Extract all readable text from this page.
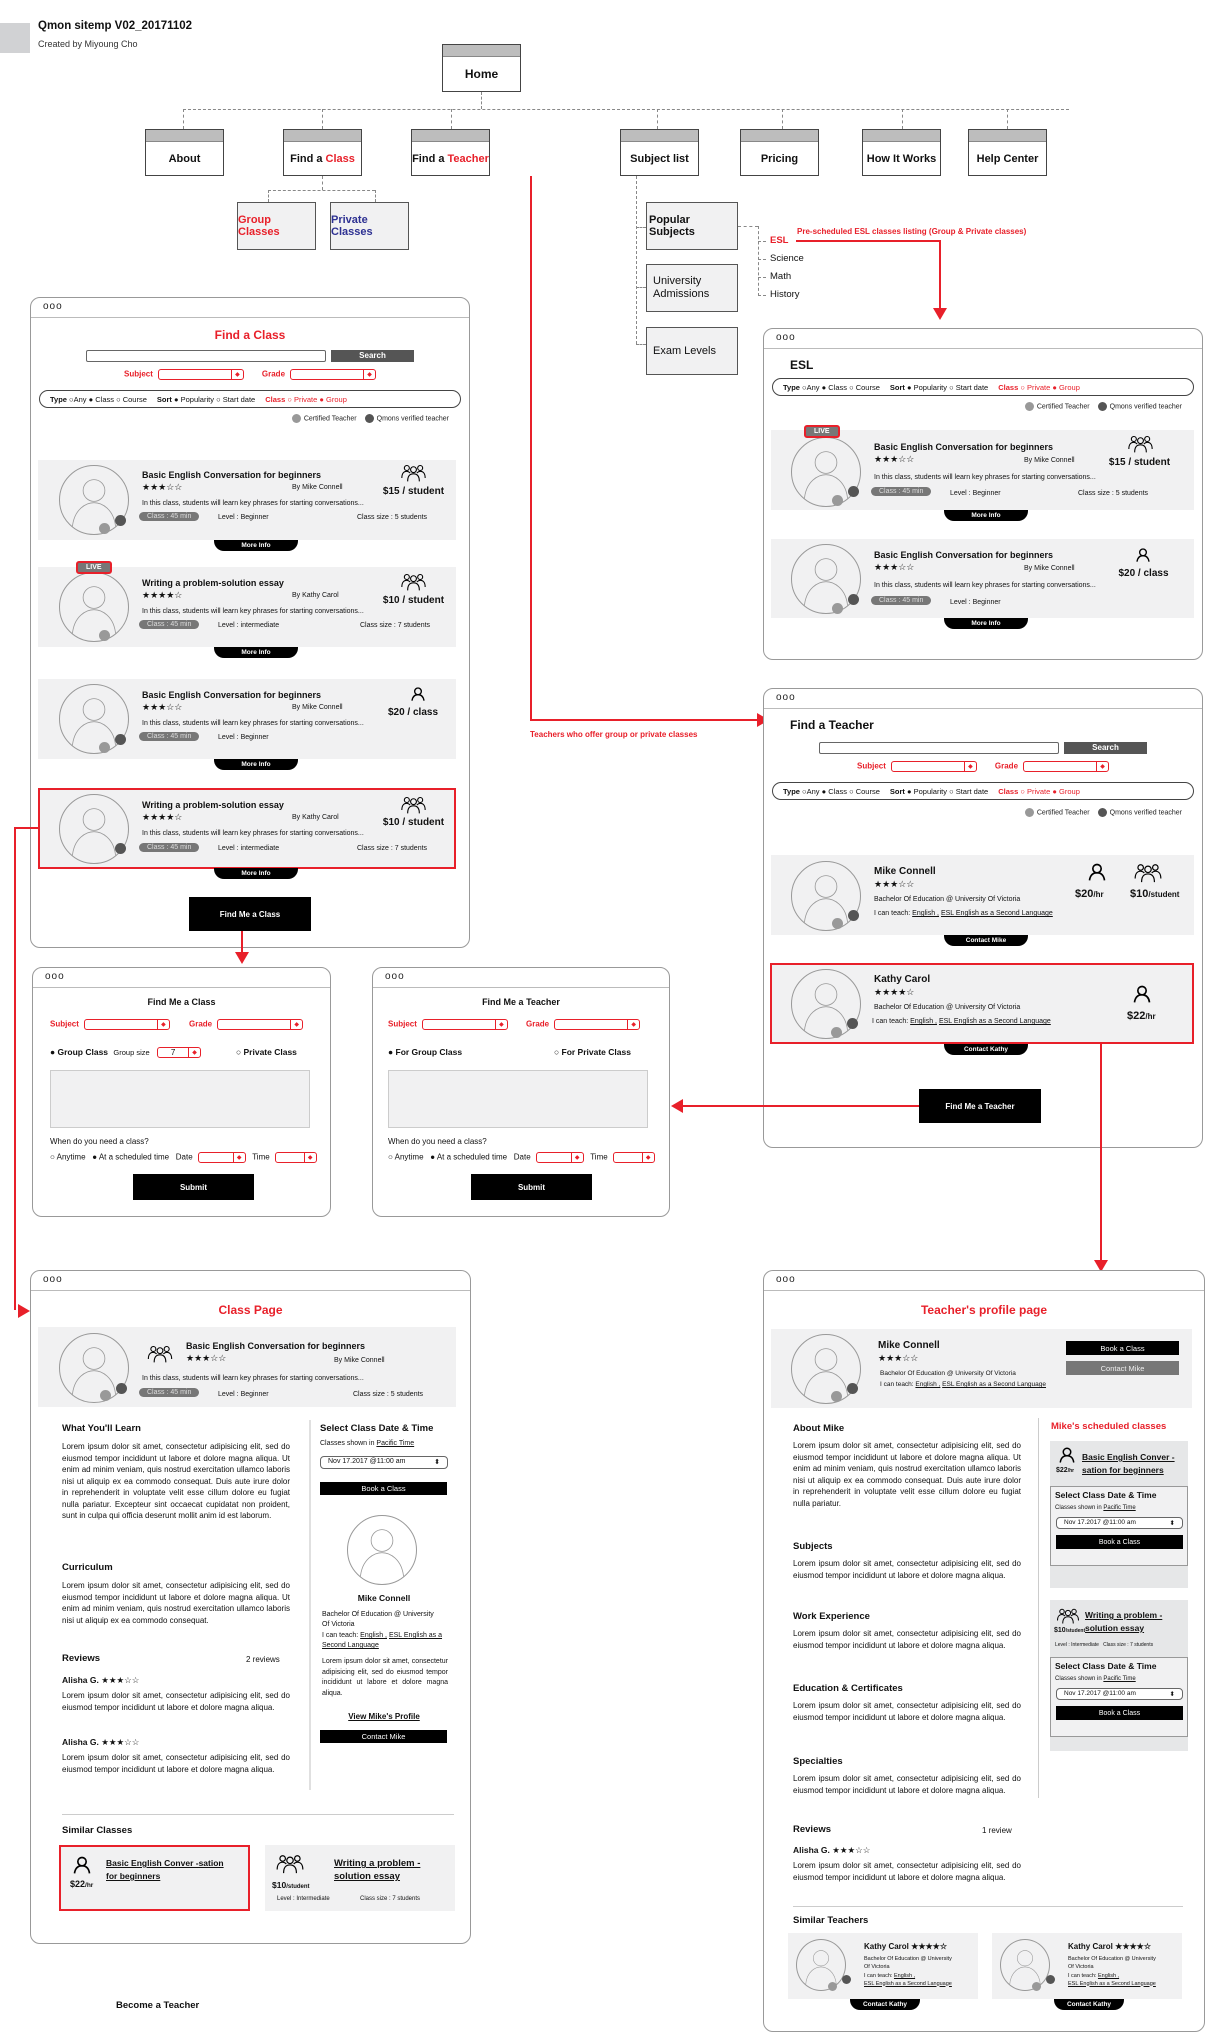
Qmon sitemp V02_20171102
Created by Miyoung Cho
Home
About	Find a
Class	Find a
Teacher	Subject list	Pricing	How It Works	Help Center
Group Classes
Private Classes
Popular Subjects
University Admissions
Exam Levels
ESL
Science
Math
History
Pre-scheduled ESL classes listing (Group & Private classes)
Teachers who offer group or private classes
ooo
Find a Class
Search
Subject	◆	Grade	◆
Type ○Any ● Class ○ Course Sort ● Popularity ○ Start date Class ○ Private ● Group
Certified Teacher	Qmons verified teacher
Basic English Conversation for beginners
★★★☆☆	By Mike Connell	$15 / student
In this class, students will learn key phrases for starting conversations...
Class : 45 min	Level : Beginner	Class size : 5 students
More Info
LIVE
Writing a problem-solution essay
★★★★☆	By Kathy Carol	$10 / student
In this class, students will learn key phrases for starting conversations...
Class : 45 min	Level : intermediate	Class size : 7 students
More Info
Basic English Conversation for beginners
★★★☆☆	By Mike Connell	$20 / class
In this class, students will learn key phrases for starting conversations...
Class : 45 min	Level : Beginner
More Info
Writing a problem-solution essay
★★★★☆	By Kathy Carol	$10 / student
In this class, students will learn key phrases for starting conversations...
Class : 45 min	Level : intermediate	Class size : 7 students
More Info
Find Me a Class
ooo
ESL
Type ○Any ● Class ○ Course Sort ● Popularity ○ Start date Class ○ Private ● Group
Certified Teacher	Qmons verified teacher
LIVE
Basic English Conversation for beginners
★★★☆☆	By Mike Connell	$15 / student
In this class, students will learn key phrases for starting conversations...
Class : 45 min	Level : Beginner	Class size : 5 students
More Info
Basic English Conversation for beginners
★★★☆☆	By Mike Connell	$20 / class
In this class, students will learn key phrases for starting conversations...
Class : 45 min	Level : Beginner
More Info
ooo
Find a Teacher
Search
Subject	◆	Grade	◆
Type ○Any ● Class ○ Course Sort ● Popularity ○ Start date Class ○ Private ● Group
Certified Teacher	Qmons verified teacher
Mike Connell
★★★☆☆
Bachelor Of Education @ University Of Victoria
I can teach: English , ESL English as a Second Language
$20/hr $10/student
Contact Mike
Kathy Carol
★★★★☆
Bachelor Of Education @ University Of Victoria
I can teach: English , ESL English as a Second Language	$22/hr
Contact Kathy
Find Me a Teacher
ooo
Find Me a Class
Subject	◆	Grade	◆
● Group Class Group size	7	◆	○ Private Class
When do you need a class?
○ Anytime ● At a scheduled time Date	◆	Time	◆
Submit
ooo
Find Me a Teacher
Subject	◆	Grade	◆
● For Group Class	○ For Private Class
When do you need a class?
○ Anytime ● At a scheduled time Date	◆	Time	◆
Submit
ooo
Class Page
Basic English Conversation for beginners
★★★☆☆	By Mike Connell
In this class, students will learn key phrases for starting conversations...
Class : 45 min	Level : Beginner	Class size : 5 students
What You'll Learn
Lorem ipsum dolor sit amet, consectetur adipisicing elit, sed do eiusmod tempor incididunt ut labore et dolore magna aliqua. Ut enim ad minim veniam, quis nostrud exercitation ullamco laboris nisi ut aliquip ex ea commodo consequat. Duis aute irure dolor in reprehenderit in voluptate velit esse cillum dolore eu fugiat nulla pariatur. Excepteur sint occaecat cupidatat non proident, sunt in culpa qui officia deserunt mollit anim id est laborum.
Curriculum
Lorem ipsum dolor sit amet, consectetur adipisicing elit, sed do eiusmod tempor incididunt ut labore et dolore magna aliqua. Ut enim ad minim veniam, quis nostrud exercitation ullamco laboris nisi ut aliquip ex ea commodo consequat.
Reviews	2 reviews
Alisha G. ★★★☆☆
Lorem ipsum dolor sit amet, consectetur adipisicing elit, sed do eiusmod tempor incididunt ut labore et dolore magna aliqua.
Alisha G. ★★★☆☆
Lorem ipsum dolor sit amet, consectetur adipisicing elit, sed do eiusmod tempor incididunt ut labore et dolore magna aliqua.
Select Class Date & Time
Classes shown in Pacific Time
Nov 17.2017 @11:00 am	⬍
Book a Class
Mike Connell
Bachelor Of Education @ University Of Victoria
I can teach: English , ESL English as a Second Language
Lorem ipsum dolor sit amet, consectetur adipisicing elit, sed do eiusmod tempor incididunt ut labore et dolore magna aliqua.
View Mike's Profile
Contact Mike
Similar Classes
$22/hr
Basic English Conver -sation for beginners
$10/student
Writing a problem -solution essay
Level : Intermediate	Class size : 7 students
Become a Teacher
ooo
Teacher's profile page
Mike Connell
★★★☆☆
Bachelor Of Education @ University Of Victoria
I can teach: English , ESL English as a Second Language
Book a Class
Contact Mike
About Mike
Lorem ipsum dolor sit amet, consectetur adipisicing elit, sed do eiusmod tempor incididunt ut labore et dolore magna aliqua. Ut enim ad minim veniam, quis nostrud exercitation ullamco laboris nisi ut aliquip ex ea commodo consequat. Duis aute irure dolor in reprehenderit in voluptate velit esse cillum dolore eu fugiat nulla pariatur.
Subjects
Lorem ipsum dolor sit amet, consectetur adipisicing elit, sed do eiusmod tempor incididunt ut labore et dolore magna aliqua.
Work Experience
Lorem ipsum dolor sit amet, consectetur adipisicing elit, sed do eiusmod tempor incididunt ut labore et dolore magna aliqua.
Education & Certificates
Lorem ipsum dolor sit amet, consectetur adipisicing elit, sed do eiusmod tempor incididunt ut labore et dolore magna aliqua.
Specialties
Lorem ipsum dolor sit amet, consectetur adipisicing elit, sed do eiusmod tempor incididunt ut labore et dolore magna aliqua.
Reviews	1 review
Alisha G. ★★★☆☆
Lorem ipsum dolor sit amet, consectetur adipisicing elit, sed do eiusmod tempor incididunt ut labore et dolore magna aliqua.
Mike's scheduled classes
$22/hr
Basic English Conver -sation for beginners
Select Class Date & Time
Classes shown in Pacific Time
Nov 17.2017 @11:00 am	⬍
Book a Class
$10/student
Writing a problem -solution essay
Level : Intermediate   Class size : 7 students
Select Class Date & Time
Classes shown in Pacific Time
Nov 17.2017 @11:00 am	⬍
Book a Class
Similar Teachers
Kathy Carol ★★★★☆
Bachelor Of Education @ University Of Victoria
I can teach: English ,
ESL English as a Second Language
Contact Kathy
Kathy Carol ★★★★☆
Bachelor Of Education @ University Of Victoria
I can teach: English ,
ESL English as a Second Language
Contact Kathy
